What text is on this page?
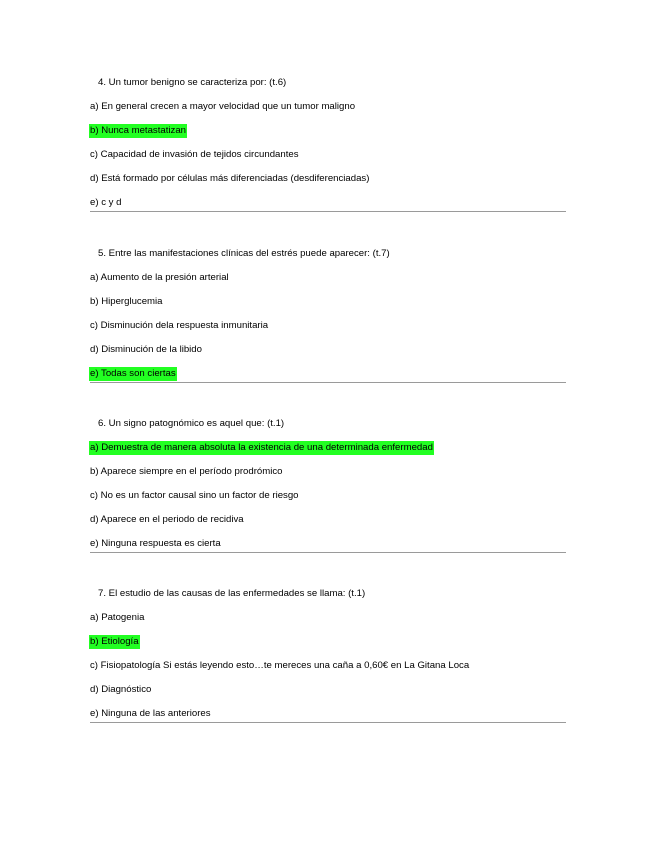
4. Un tumor benigno se caracteriza por: (t.6)
a) En general crecen a mayor velocidad que un tumor maligno
b) Nunca metastatizan
c) Capacidad de invasión de tejidos circundantes
d) Está formado por células más diferenciadas (desdiferenciadas)
e) c y d
5. Entre las manifestaciones clínicas del estrés puede aparecer: (t.7)
a) Aumento de la presión arterial
b) Hiperglucemia
c) Disminución dela respuesta inmunitaria
d) Disminución de la libido
e) Todas son ciertas
6. Un signo patognómico es aquel que: (t.1)
a) Demuestra de manera absoluta la existencia de una determinada enfermedad
b) Aparece siempre en el período prodrómico
c) No es un factor causal sino un factor de riesgo
d) Aparece en el periodo de recidiva
e) Ninguna respuesta es cierta
7. El estudio de las causas de las enfermedades se llama: (t.1)
a) Patogenia
b) Etiología
c) Fisiopatología Si estás leyendo esto…te mereces una caña a 0,60€ en La Gitana Loca
d) Diagnóstico
e) Ninguna de las anteriores
